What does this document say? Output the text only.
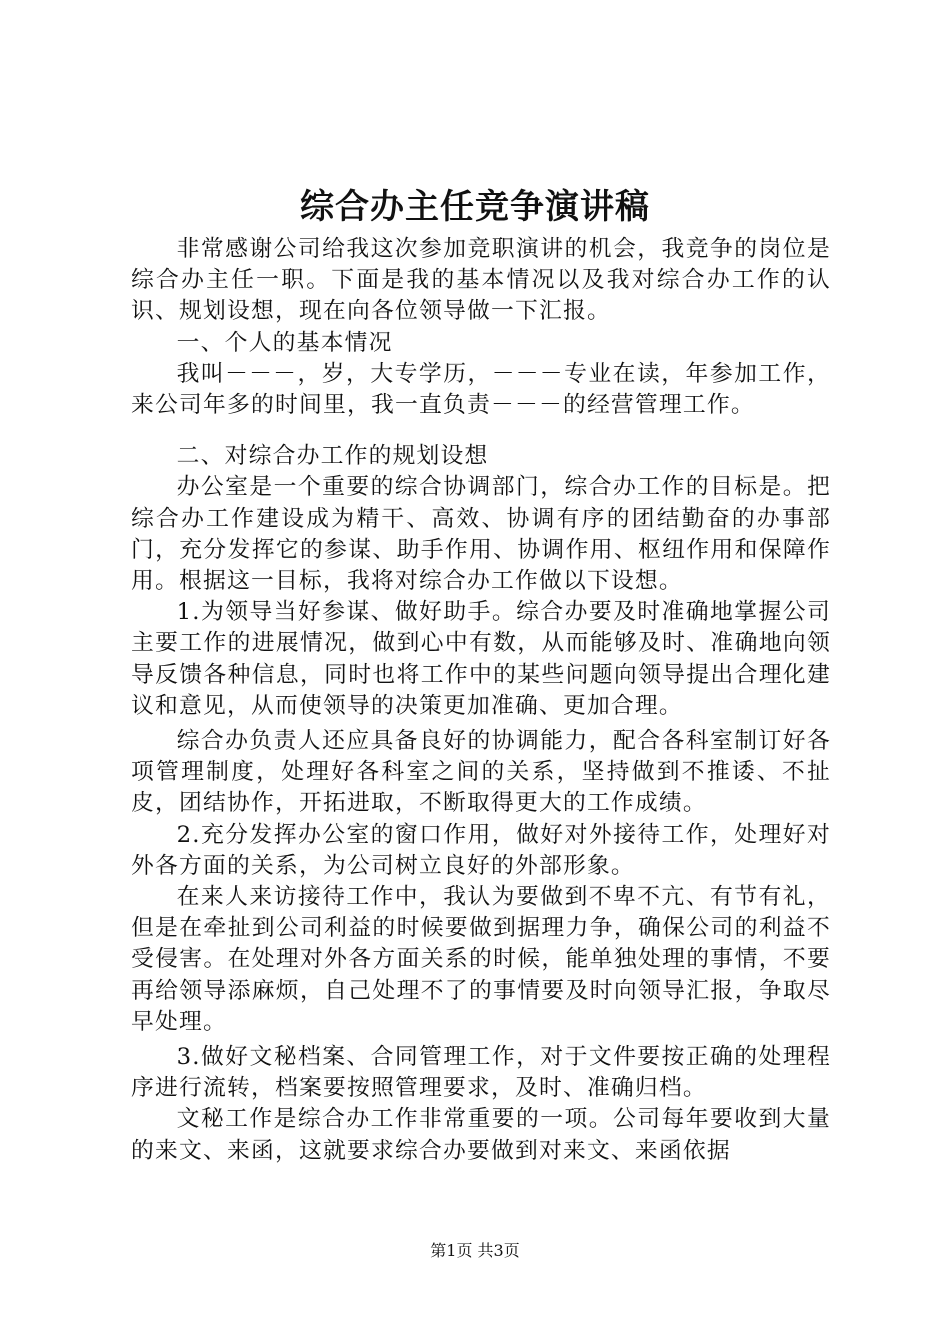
综合办主任竞争演讲稿

非常感谢公司给我这次参加竞职演讲的机会，我竞争的岗位是综合办主任一职。下面是我的基本情况以及我对综合办工作的认识、规划设想，现在向各位领导做一下汇报。

一、个人的基本情况

我叫－－－，岁，大专学历，－－－专业在读，年参加工作，来公司年多的时间里，我一直负责－－－的经营管理工作。

二、对综合办工作的规划设想

办公室是一个重要的综合协调部门，综合办工作的目标是。把综合办工作建设成为精干、高效、协调有序的团结勤奋的办事部门，充分发挥它的参谋、助手作用、协调作用、枢纽作用和保障作用。根据这一目标，我将对综合办工作做以下设想。

1.为领导当好参谋、做好助手。综合办要及时准确地掌握公司主要工作的进展情况，做到心中有数，从而能够及时、准确地向领导反馈各种信息，同时也将工作中的某些问题向领导提出合理化建议和意见，从而使领导的决策更加准确、更加合理。

综合办负责人还应具备良好的协调能力，配合各科室制订好各项管理制度，处理好各科室之间的关系，坚持做到不推诿、不扯皮，团结协作，开拓进取，不断取得更大的工作成绩。

2.充分发挥办公室的窗口作用，做好对外接待工作，处理好对外各方面的关系，为公司树立良好的外部形象。

在来人来访接待工作中，我认为要做到不卑不亢、有节有礼，但是在牵扯到公司利益的时候要做到据理力争，确保公司的利益不受侵害。在处理对外各方面关系的时候，能单独处理的事情，不要再给领导添麻烦，自己处理不了的事情要及时向领导汇报，争取尽早处理。

3.做好文秘档案、合同管理工作，对于文件要按正确的处理程序进行流转，档案要按照管理要求，及时、准确归档。

文秘工作是综合办工作非常重要的一项。公司每年要收到大量的来文、来函，这就要求综合办要做到对来文、来函依据

第1页 共3页
